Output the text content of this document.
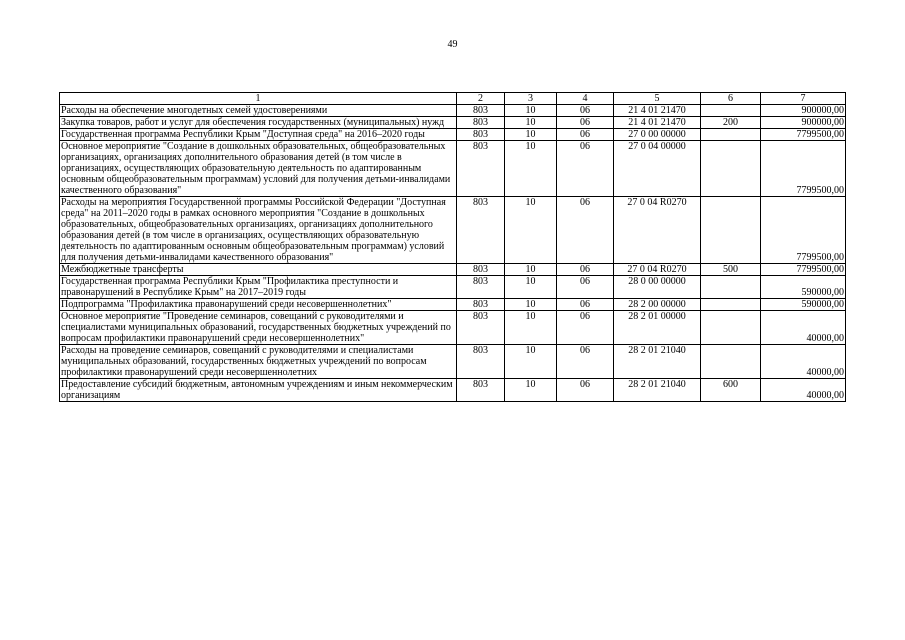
49
1	2	3	4	5	6	7
Расходы на обеспечение многодетных семей удостоверениями	803	10	06	21 4 01 21470		900000,00
Закупка товаров, работ и услуг для обеспечения государственных (муниципальных) нужд	803	10	06	21 4 01 21470	200	900000,00
Государственная программа Республики Крым "Доступная среда" на 2016–2020 годы	803	10	06	27 0 00 00000		7799500,00
Основное мероприятие "Создание в дошкольных образовательных, общеобразовательных организациях, организациях дополнительного образования детей (в том числе в организациях, осуществляющих образовательную деятельность по адаптированным основным общеобразовательным программам) условий для получения детьми-инвалидами качественного образования"	803	10	06	27 0 04 00000		7799500,00
Расходы на мероприятия Государственной программы Российской Федерации "Доступная среда" на 2011–2020 годы в рамках основного мероприятия "Создание в дошкольных образовательных, общеобразовательных организациях, организациях дополнительного образования детей (в том числе в организациях, осуществляющих образовательную деятельность по адаптированным основным общеобразовательным программам) условий для получения детьми-инвалидами качественного образования"	803	10	06	27 0 04 R0270		7799500,00
Межбюджетные трансферты	803	10	06	27 0 04 R0270	500	7799500,00
Государственная программа Республики Крым "Профилактика преступности и правонарушений в Республике Крым" на 2017–2019 годы	803	10	06	28 0 00 00000		590000,00
Подпрограмма "Профилактика правонарушений среди несовершеннолетних"	803	10	06	28 2 00 00000		590000,00
Основное мероприятие "Проведение семинаров, совещаний с руководителями и специалистами муниципальных образований, государственных бюджетных учреждений по вопросам профилактики правонарушений среди несовершеннолетних"	803	10	06	28 2 01 00000		40000,00
Расходы на проведение семинаров, совещаний с руководителями и специалистами муниципальных образований, государственных бюджетных учреждений по вопросам профилактики правонарушений среди несовершеннолетних	803	10	06	28 2 01 21040		40000,00
Предоставление субсидий бюджетным, автономным учреждениям и иным некоммерческим организациям	803	10	06	28 2 01 21040	600	40000,00
